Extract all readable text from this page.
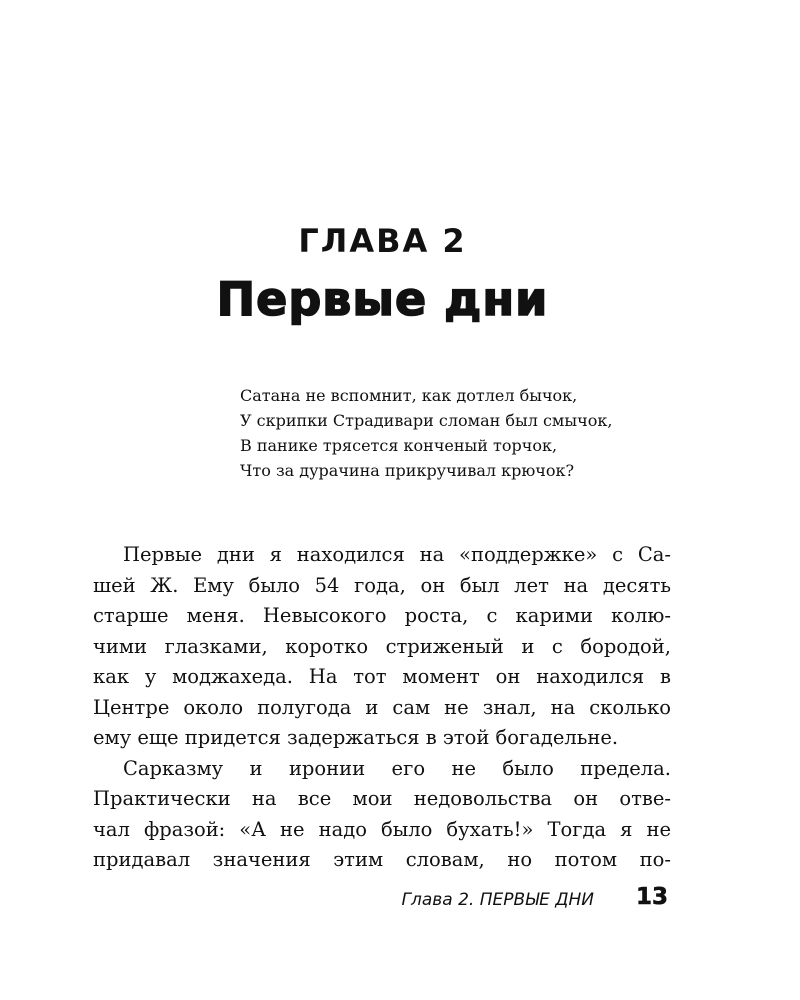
ГЛАВА 2
Первые дни
Сатана не вспомнит, как дотлел бычок,
У скрипки Страдивари сломан был смычок,
В панике трясется конченый торчок,
Что за дурачина прикручивал крючок?
Первые дни я находился на «поддержке» с Са-
шей Ж. Ему было 54 года, он был лет на десять
старше меня. Невысокого роста, с карими колю-
чими глазками, коротко стриженый и с бородой,
как у моджахеда. На тот момент он находился в
Центре около полугода и сам не знал, на сколько
ему еще придется задержаться в этой богадельне.
Сарказму и иронии его не было предела.
Практически на все мои недовольства он отве-
чал фразой: «А не надо было бухать!» Тогда я не
придавал значения этим словам, но потом по-
Глава 2. ПЕРВЫЕ ДНИ 13
